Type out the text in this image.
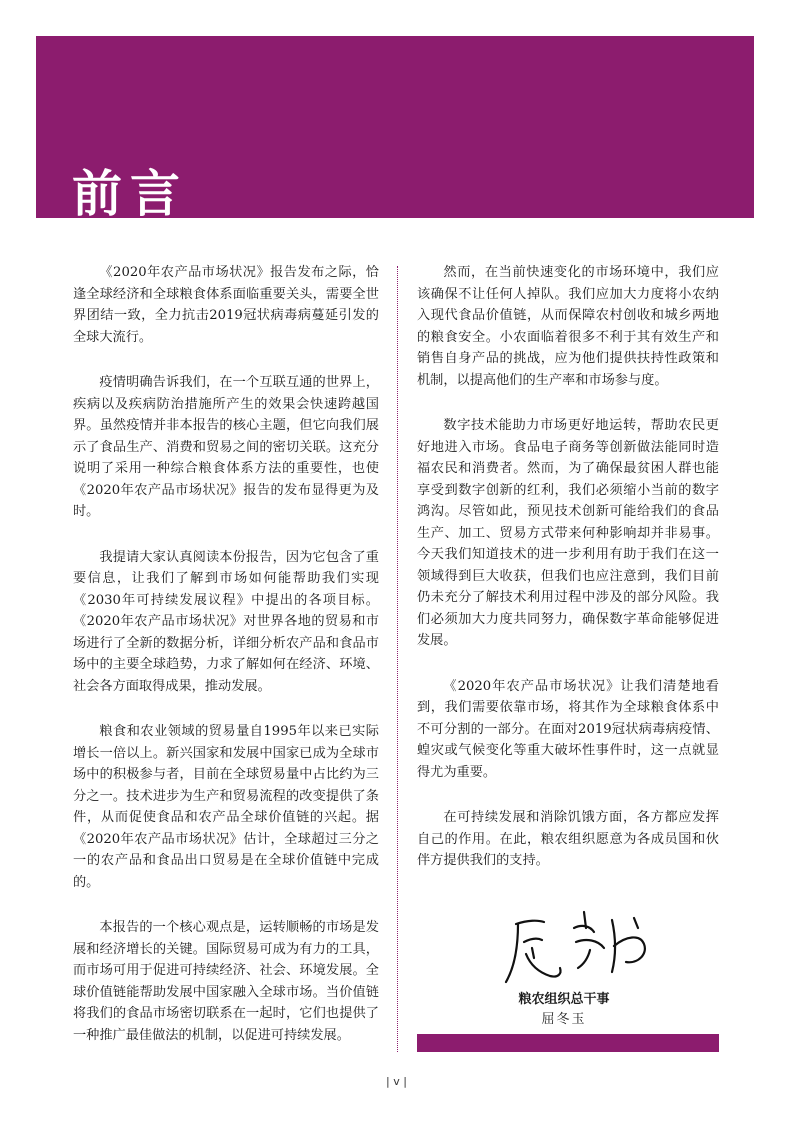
前言

《2020年农产品市场状况》报告发布之际，恰逢全球经济和全球粮食体系面临重要关头，需要全世界团结一致，全力抗击2019冠状病毒病蔓延引发的全球大流行。

疫情明确告诉我们，在一个互联互通的世界上，疾病以及疾病防治措施所产生的效果会快速跨越国界。虽然疫情并非本报告的核心主题，但它向我们展示了食品生产、消费和贸易之间的密切关联。这充分说明了采用一种综合粮食体系方法的重要性，也使《2020年农产品市场状况》报告的发布显得更为及时。

我提请大家认真阅读本份报告，因为它包含了重要信息，让我们了解到市场如何能帮助我们实现《2030年可持续发展议程》中提出的各项目标。《2020年农产品市场状况》对世界各地的贸易和市场进行了全新的数据分析，详细分析农产品和食品市场中的主要全球趋势，力求了解如何在经济、环境、社会各方面取得成果，推动发展。

粮食和农业领域的贸易量自1995年以来已实际增长一倍以上。新兴国家和发展中国家已成为全球市场中的积极参与者，目前在全球贸易量中占比约为三分之一。技术进步为生产和贸易流程的改变提供了条件，从而促使食品和农产品全球价值链的兴起。据《2020年农产品市场状况》估计，全球超过三分之一的农产品和食品出口贸易是在全球价值链中完成的。

本报告的一个核心观点是，运转顺畅的市场是发展和经济增长的关键。国际贸易可成为有力的工具，而市场可用于促进可持续经济、社会、环境发展。全球价值链能帮助发展中国家融入全球市场。当价值链将我们的食品市场密切联系在一起时，它们也提供了一种推广最佳做法的机制，以促进可持续发展。

然而，在当前快速变化的市场环境中，我们应该确保不让任何人掉队。我们应加大力度将小农纳入现代食品价值链，从而保障农村创收和城乡两地的粮食安全。小农面临着很多不利于其有效生产和销售自身产品的挑战，应为他们提供扶持性政策和机制，以提高他们的生产率和市场参与度。

数字技术能助力市场更好地运转，帮助农民更好地进入市场。食品电子商务等创新做法能同时造福农民和消费者。然而，为了确保最贫困人群也能享受到数字创新的红利，我们必须缩小当前的数字鸿沟。尽管如此，预见技术创新可能给我们的食品生产、加工、贸易方式带来何种影响却并非易事。今天我们知道技术的进一步利用有助于我们在这一领域得到巨大收获，但我们也应注意到，我们目前仍未充分了解技术利用过程中涉及的部分风险。我们必须加大力度共同努力，确保数字革命能够促进发展。

《2020年农产品市场状况》让我们清楚地看到，我们需要依靠市场，将其作为全球粮食体系中不可分割的一部分。在面对2019冠状病毒病疫情、蝗灾或气候变化等重大破坏性事件时，这一点就显得尤为重要。

在可持续发展和消除饥饿方面，各方都应发挥自己的作用。在此，粮农组织愿意为各成员国和伙伴方提供我们的支持。

粮农组织总干事
屈冬玉
| v |
